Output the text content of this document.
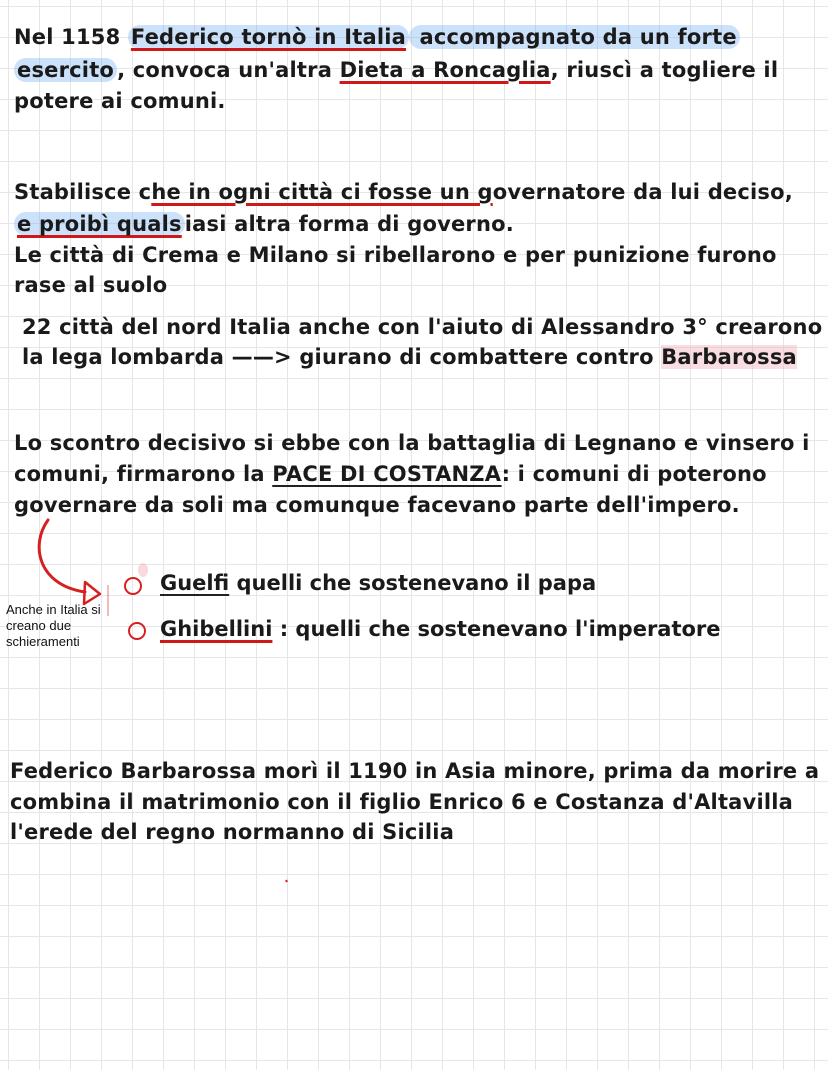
Nel 1158 Federico tornò in Italia accompagnato da un forte
esercito , convoca un'altra Dieta a Roncaglia, riuscì a togliere il
potere ai comuni.
Stabilisce che in ogni città ci fosse un governatore da lui deciso,
e proibì quals iasi altra forma di governo.
Le città di Crema e Milano si ribellarono e per punizione furono
rase al suolo
22 città del nord Italia anche con l'aiuto di Alessandro 3° crearono
la lega lombarda ——> giurano di combattere contro Barbarossa
Lo scontro decisivo si ebbe con la battaglia di Legnano e vinsero i
comuni, firmarono la PACE DI COSTANZA: i comuni di poterono
governare da soli ma comunque facevano parte dell'impero.
Anche in Italia si creano due schieramenti
Guelfi quelli che sostenevano il papa
Ghibellini : quelli che sostenevano l'imperatore
Federico Barbarossa morì il 1190 in Asia minore, prima da morire a
combina il matrimonio con il figlio Enrico 6 e Costanza d'Altavilla
l'erede del regno normanno di Sicilia
